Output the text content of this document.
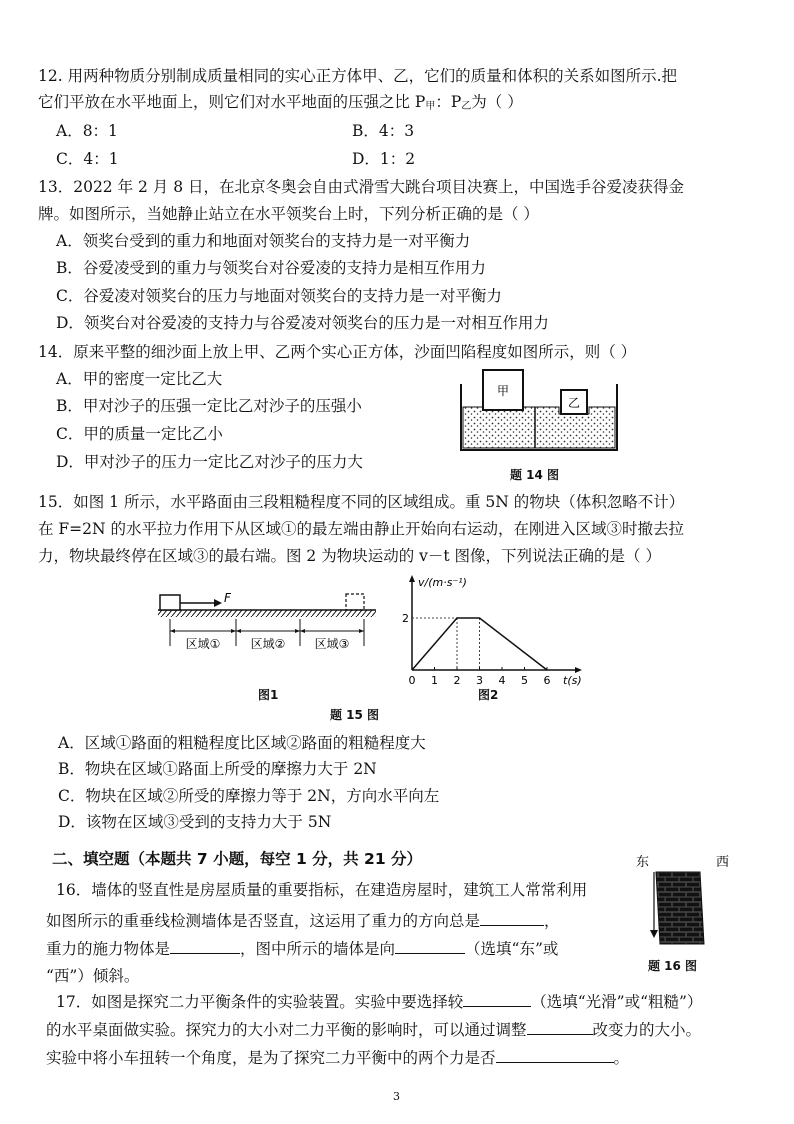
12. 用两种物质分别制成质量相同的实心正方体甲、乙，它们的质量和体积的关系如图所示.把
它们平放在水平地面上，则它们对水平地面的压强之比 $P_甲$：$P_乙$为（ ）
A．8：1	B．4：3
C．4：1	D．1：2
13．2022 年 2 月 8 日，在北京冬奥会自由式滑雪大跳台项目决赛上，中国选手谷爱凌获得金
牌。如图所示，当她静止站立在水平领奖台上时，下列分析正确的是（ ）
A．领奖台受到的重力和地面对领奖台的支持力是一对平衡力
B．谷爱凌受到的重力与领奖台对谷爱凌的支持力是相互作用力
C．谷爱凌对领奖台的压力与地面对领奖台的支持力是一对平衡力
D．领奖台对谷爱凌的支持力与谷爱凌对领奖台的压力是一对相互作用力
14．原来平整的细沙面上放上甲、乙两个实心正方体，沙面凹陷程度如图所示，则（ ）
A．甲的密度一定比乙大
B．甲对沙子的压强一定比乙对沙子的压强小
C．甲的质量一定比乙小
D．甲对沙子的压力一定比乙对沙子的压力大
甲
乙
题 14 图
15．如图 1 所示，水平路面由三段粗糙程度不同的区域组成。重 5N 的物块（体积忽略不计）
在 F=2N 的水平拉力作用下从区域①的最左端由静止开始向右运动，在刚进入区域③时撤去拉
力，物块最终停在区域③的最右端。图 2 为物块运动的 v－t 图像，下列说法正确的是（ ）
F
区域①	区域② 区域③
图1
v/(m·s⁻¹)
t(s)
0 1 2 3 4 5 6
2
图2
题 15 图
A．区域①路面的粗糙程度比区域②路面的粗糙程度大
B．物块在区域①路面上所受的摩擦力大于 2N
C．物块在区域②所受的摩擦力等于 2N，方向水平向左
D．该物在区域③受到的支持力大于 5N
二、填空题（本题共 7 小题，每空 1 分，共 21 分）
16．墙体的竖直性是房屋质量的重要指标，在建造房屋时，建筑工人常常利用
如图所示的重垂线检测墙体是否竖直，这运用了重力的方向总是	，
重力的施力物体是	，图中所示的墙体是向	（选填“东”或
“西”）倾斜。
东	西
题 16 图
17．如图是探究二力平衡条件的实验装置。实验中要选择较	（选填“光滑”或“粗糙”）
的水平桌面做实验。探究力的大小对二力平衡的影响时，可以通过调整	改变力的大小。
实验中将小车扭转一个角度，是为了探究二力平衡中的两个力是否	。
3
